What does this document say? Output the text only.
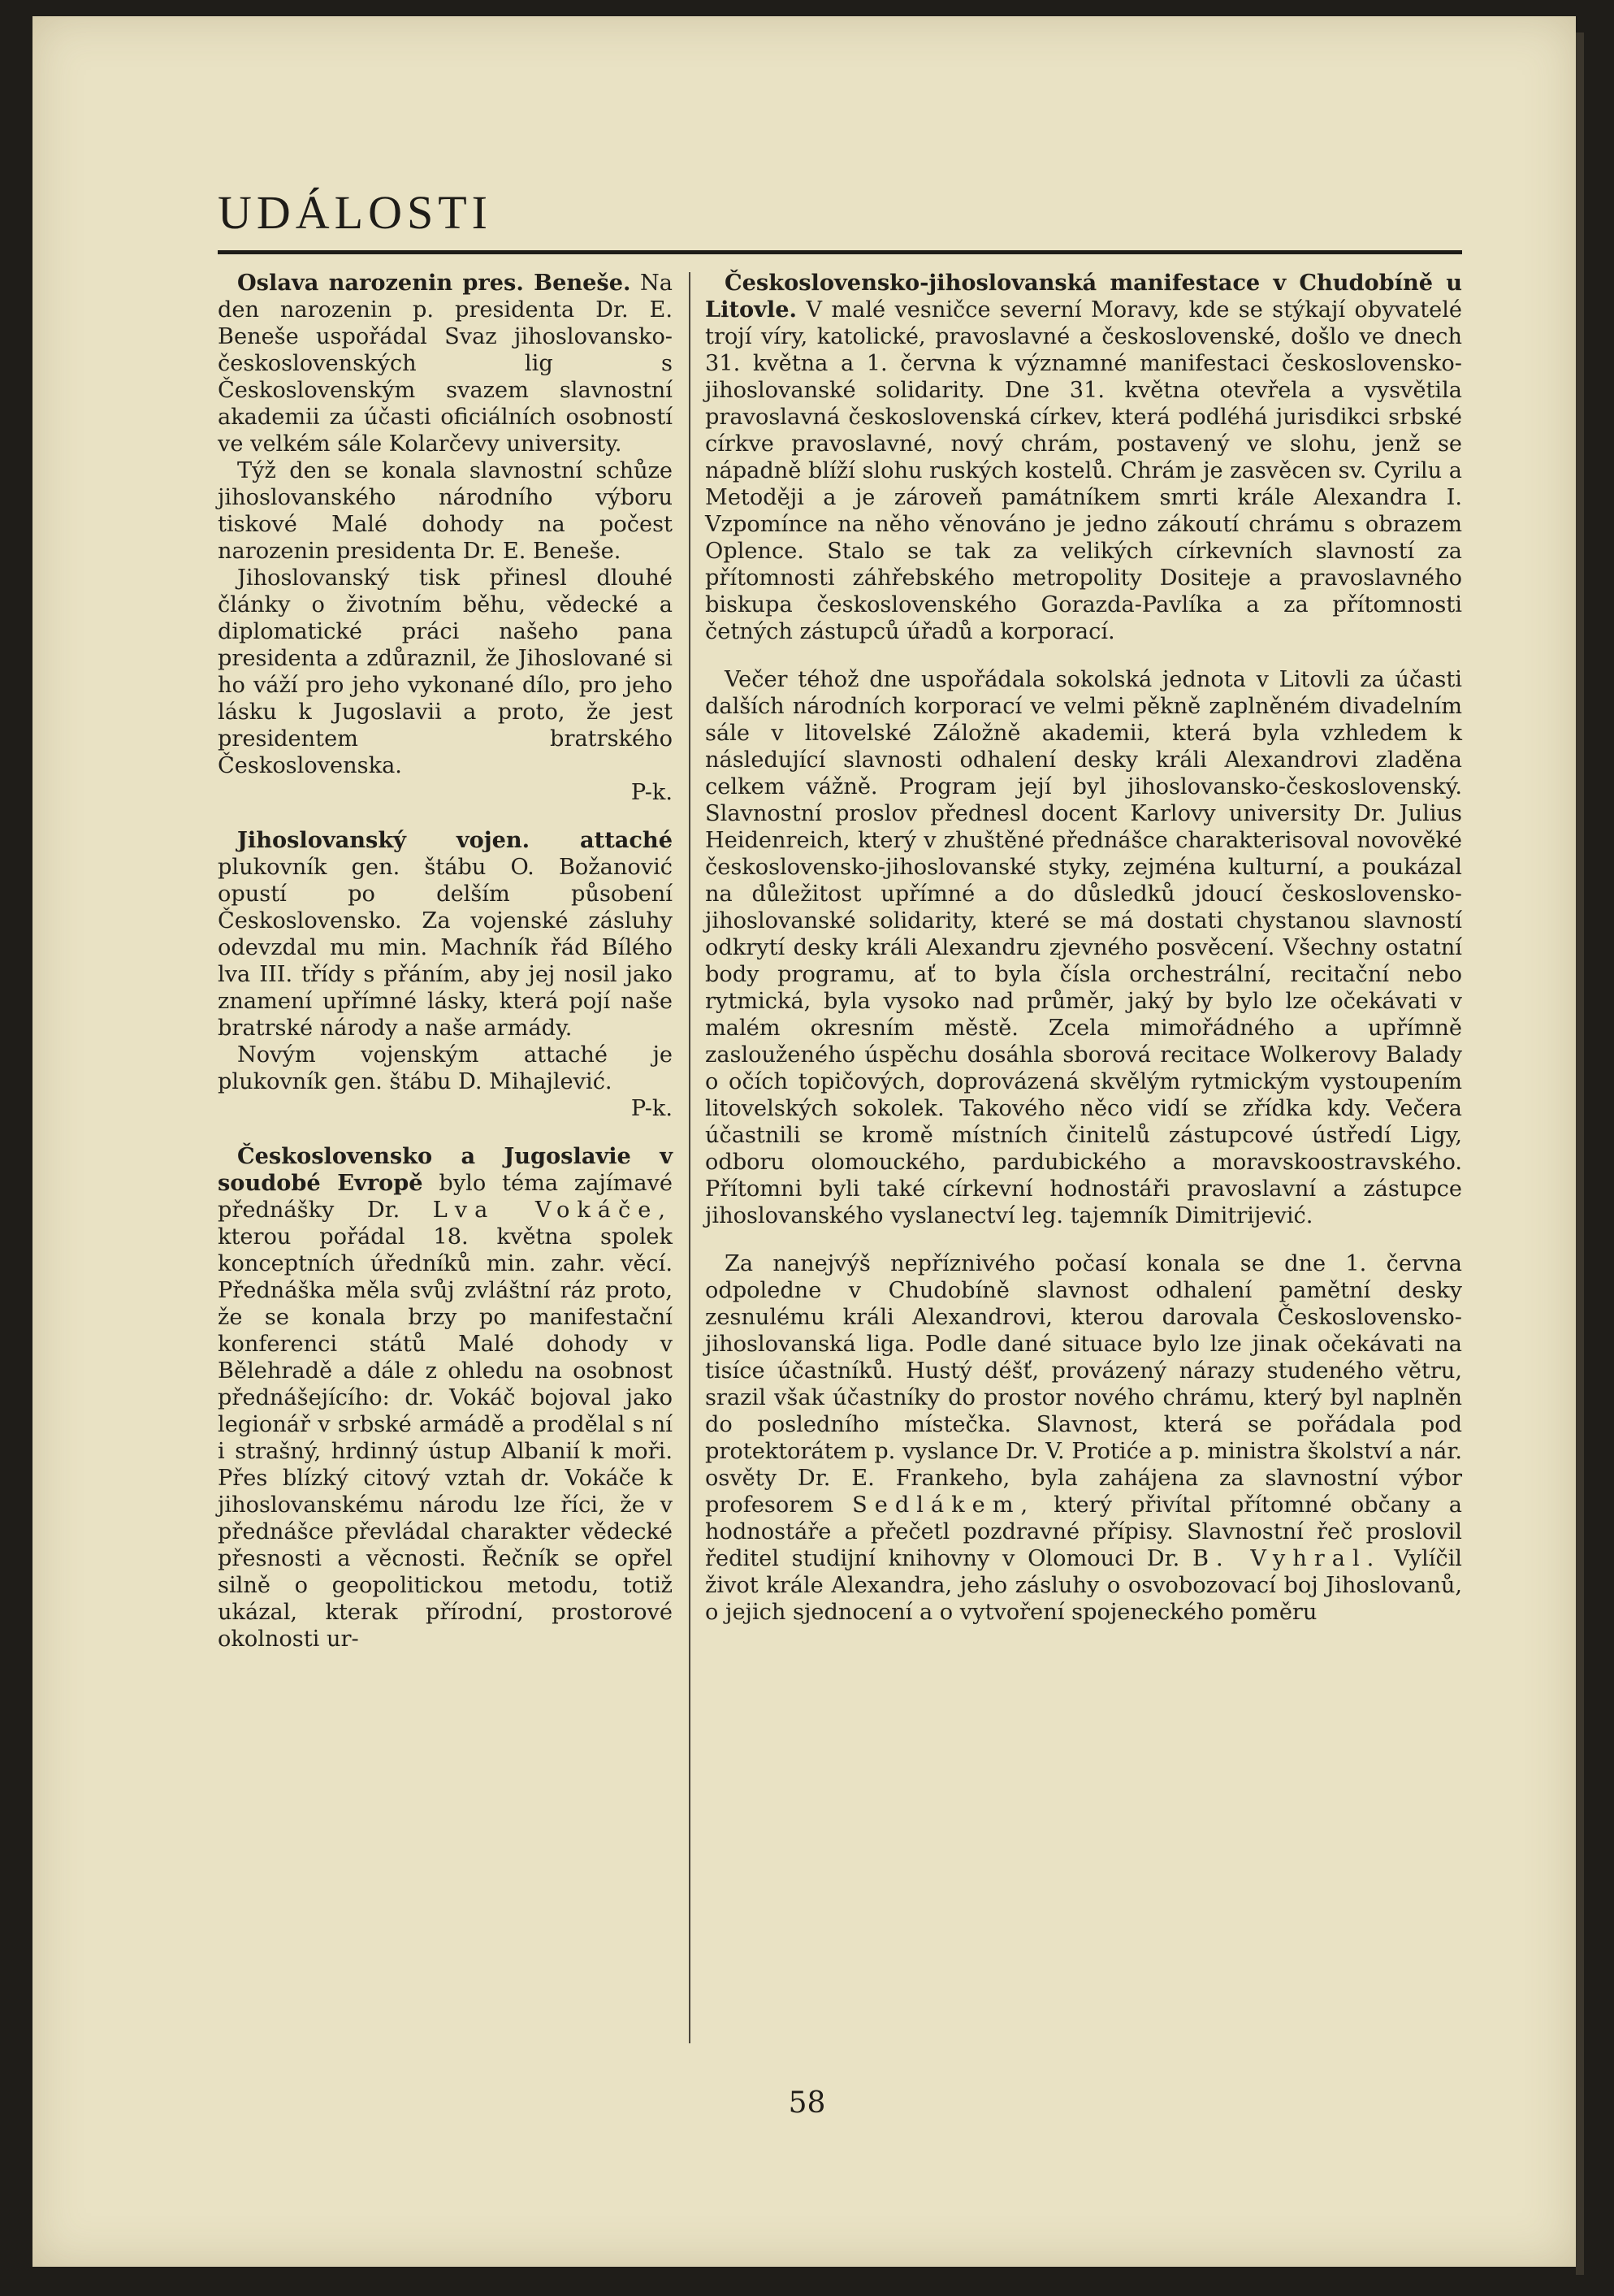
UDÁLOSTI

Oslava narozenin pres. Beneše. Na den narozenin p. presidenta Dr. E. Beneše uspořádal Svaz jihoslovansko-československých lig s Československým svazem slavnostní akademii za účasti oficiálních osobností ve velkém sále Kolarčevy university.

Týž den se konala slavnostní schůze jihoslovanského národního výboru tiskové Malé dohody na počest narozenin presidenta Dr. E. Beneše.

Jihoslovanský tisk přinesl dlouhé články o životním běhu, vědecké a diplomatické práci našeho pana presidenta a zdůraznil, že Jihoslované si ho váží pro jeho vykonané dílo, pro jeho lásku k Jugoslavii a proto, že jest presidentem bratrského Československa.
P-k.

Jihoslovanský vojen. attaché plukovník gen. štábu O. Božanović opustí po delším působení Československo. Za vojenské zásluhy odevzdal mu min. Machník řád Bílého lva III. třídy s přáním, aby jej nosil jako znamení upřímné lásky, která pojí naše bratrské národy a naše armády.

Novým vojenským attaché je plukovník gen. štábu D. Mihajlević.
P-k.

Československo a Jugoslavie v soudobé Evropě bylo téma zajímavé přednášky Dr. Lva Vokáče, kterou pořádal 18. května spolek konceptních úředníků min. zahr. věcí. Přednáška měla svůj zvláštní ráz proto, že se konala brzy po manifestační konferenci států Malé dohody v Bělehradě a dále z ohledu na osobnost přednášejícího: dr. Vokáč bojoval jako legionář v srbské armádě a prodělal s ní i strašný, hrdinný ústup Albanií k moři. Přes blízký citový vztah dr. Vokáče k jihoslovanskému národu lze říci, že v přednášce převládal charakter vědecké přesnosti a věcnosti. Řečník se opřel silně o geopolitickou metodu, totiž ukázal, kterak přírodní, prostorové okolnosti ur-

Československo-jihoslovanská manifestace v Chudobíně u Litovle. V malé vesničce severní Moravy, kde se stýkají obyvatelé trojí víry, katolické, pravoslavné a československé, došlo ve dnech 31. května a 1. června k významné manifestaci československo-jihoslovanské solidarity. Dne 31. května otevřela a vysvětila pravoslavná československá církev, která podléhá jurisdikci srbské církve pravoslavné, nový chrám, postavený ve slohu, jenž se nápadně blíží slohu ruských kostelů. Chrám je zasvěcen sv. Cyrilu a Metoději a je zároveň památníkem smrti krále Alexandra I. Vzpomínce na něho věnováno je jedno zákoutí chrámu s obrazem Oplence. Stalo se tak za velikých církevních slavností za přítomnosti záhřebského metropolity Dositeje a pravoslavného biskupa československého Gorazda-Pavlíka a za přítomnosti četných zástupců úřadů a korporací.

Večer téhož dne uspořádala sokolská jednota v Litovli za účasti dalších národních korporací ve velmi pěkně zaplněném divadelním sále v litovelské Záložně akademii, která byla vzhledem k následující slavnosti odhalení desky králi Alexandrovi zladěna celkem vážně. Program její byl jihoslovansko-československý. Slavnostní proslov přednesl docent Karlovy university Dr. Julius Heidenreich, který v zhuštěné přednášce charakterisoval novověké československo-jihoslovanské styky, zejména kulturní, a poukázal na důležitost upřímné a do důsledků jdoucí československo-jihoslovanské solidarity, které se má dostati chystanou slavností odkrytí desky králi Alexandru zjevného posvěcení. Všechny ostatní body programu, ať to byla čísla orchestrální, recitační nebo rytmická, byla vysoko nad průměr, jaký by bylo lze očekávati v malém okresním městě. Zcela mimořádného a upřímně zaslouženého úspěchu dosáhla sborová recitace Wolkerovy Balady o očích topičových, doprovázená skvělým rytmickým vystoupením litovelských sokolek. Takového něco vidí se zřídka kdy. Večera účastnili se kromě místních činitelů zástupcové ústředí Ligy, odboru olomouckého, pardubického a moravskoostravského. Přítomni byli také církevní hodnostáři pravoslavní a zástupce jihoslovanského vyslanectví leg. tajemník Dimitrijević.

Za nanejvýš nepříznivého počasí konala se dne 1. června odpoledne v Chudobíně slavnost odhalení pamětní desky zesnulému králi Alexandrovi, kterou darovala Československo-jihoslovanská liga. Podle dané situace bylo lze jinak očekávati na tisíce účastníků. Hustý déšť, provázený nárazy studeného větru, srazil však účastníky do prostor nového chrámu, který byl naplněn do posledního místečka. Slavnost, která se pořádala pod protektorátem p. vyslance Dr. V. Protiće a p. ministra školství a nár. osvěty Dr. E. Frankeho, byla zahájena za slavnostní výbor profesorem Sedlákem, který přivítal přítomné občany a hodnostáře a přečetl pozdravné přípisy. Slavnostní řeč proslovil ředitel studijní knihovny v Olomouci Dr. B. Vyhral. Vylíčil život krále Alexandra, jeho zásluhy o osvobozovací boj Jihoslovanů, o jejich sjednocení a o vytvoření spojeneckého poměru

58
